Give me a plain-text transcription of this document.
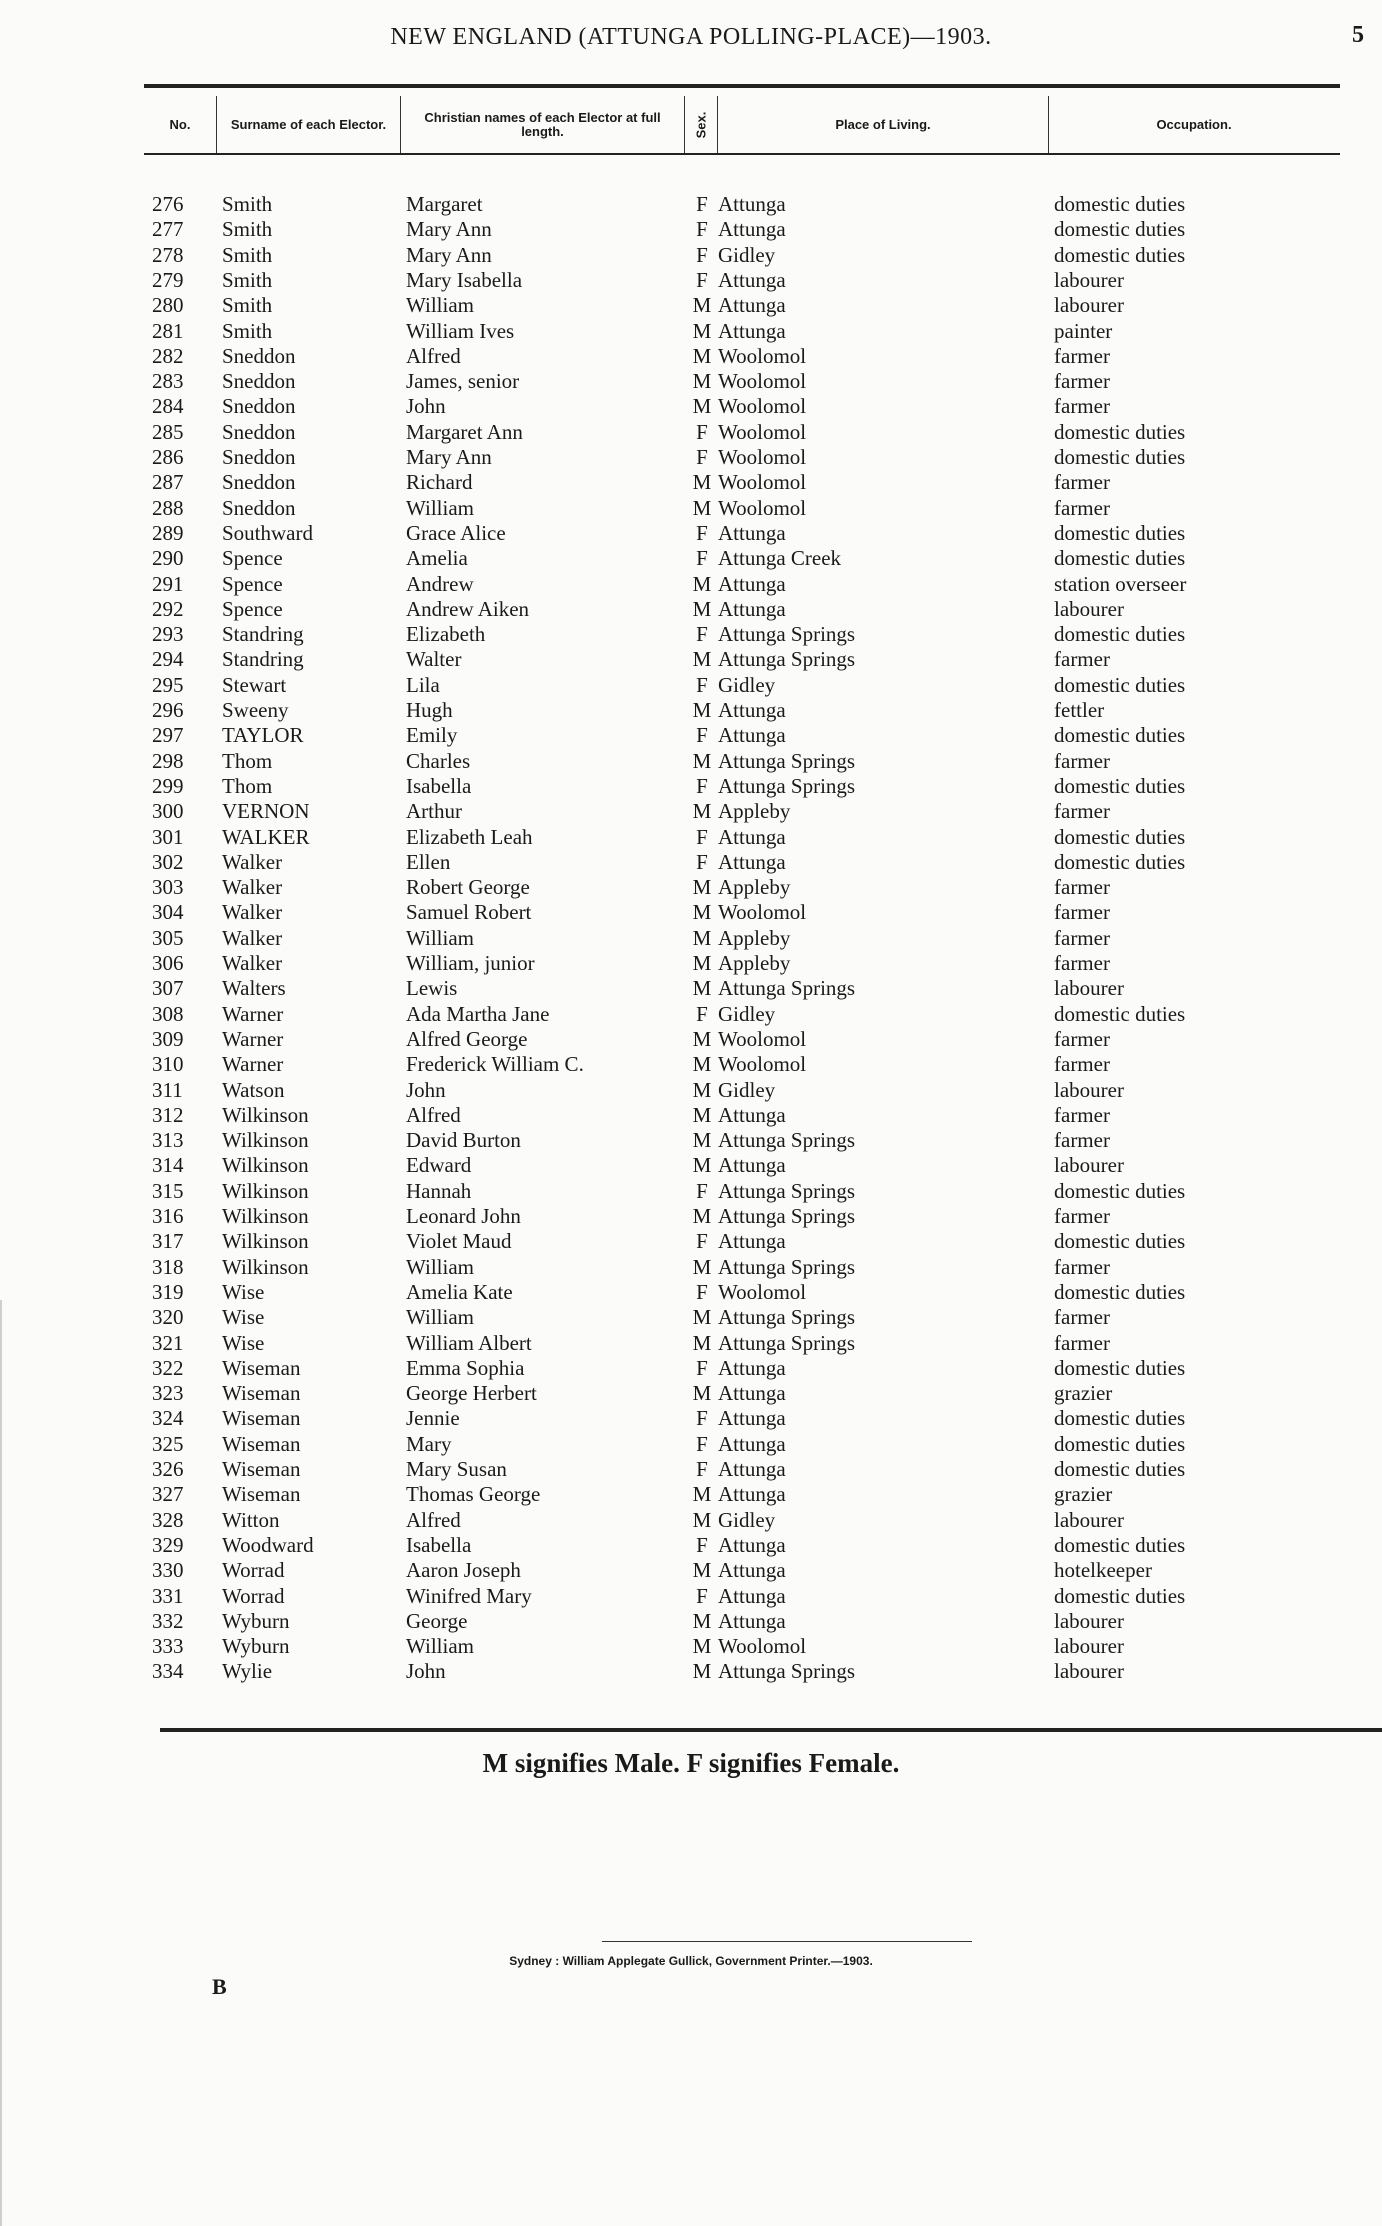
NEW ENGLAND (ATTUNGA POLLING-PLACE)—1903.	5
No.	Surname of each Elector.	Christian names of each Elector at full length.	Sex.	Place of Living.	Occupation.
276	Smith	Margaret	F Attunga	domestic duties
277	Smith	Mary Ann	F Attunga	domestic duties
278	Smith	Mary Ann	F Gidley	domestic duties
279	Smith	Mary Isabella	F Attunga	labourer
280	Smith	William	M Attunga	labourer
281	Smith	William Ives	M Attunga	painter
282	Sneddon	Alfred	M Woolomol	farmer
283	Sneddon	James, senior	M Woolomol	farmer
284	Sneddon	John	M Woolomol	farmer
285	Sneddon	Margaret Ann	F Woolomol	domestic duties
286	Sneddon	Mary Ann	F Woolomol	domestic duties
287	Sneddon	Richard	M Woolomol	farmer
288	Sneddon	William	M Woolomol	farmer
289	Southward	Grace Alice	F Attunga	domestic duties
290	Spence	Amelia	F Attunga Creek	domestic duties
291	Spence	Andrew	M Attunga	station overseer
292	Spence	Andrew Aiken	M Attunga	labourer
293	Standring	Elizabeth	F Attunga Springs	domestic duties
294	Standring	Walter	M Attunga Springs	farmer
295	Stewart	Lila	F Gidley	domestic duties
296	Sweeny	Hugh	M Attunga	fettler
297	TAYLOR	Emily	F Attunga	domestic duties
298	Thom	Charles	M Attunga Springs	farmer
299	Thom	Isabella	F Attunga Springs	domestic duties
300	VERNON	Arthur	M Appleby	farmer
301	WALKER	Elizabeth Leah	F Attunga	domestic duties
302	Walker	Ellen	F Attunga	domestic duties
303	Walker	Robert George	M Appleby	farmer
304	Walker	Samuel Robert	M Woolomol	farmer
305	Walker	William	M Appleby	farmer
306	Walker	William, junior	M Appleby	farmer
307	Walters	Lewis	M Attunga Springs	labourer
308	Warner	Ada Martha Jane	F Gidley	domestic duties
309	Warner	Alfred George	M Woolomol	farmer
310	Warner	Frederick William C.	M Woolomol	farmer
311	Watson	John	M Gidley	labourer
312	Wilkinson	Alfred	M Attunga	farmer
313	Wilkinson	David Burton	M Attunga Springs	farmer
314	Wilkinson	Edward	M Attunga	labourer
315	Wilkinson	Hannah	F Attunga Springs	domestic duties
316	Wilkinson	Leonard John	M Attunga Springs	farmer
317	Wilkinson	Violet Maud	F Attunga	domestic duties
318	Wilkinson	William	M Attunga Springs	farmer
319	Wise	Amelia Kate	F Woolomol	domestic duties
320	Wise	William	M Attunga Springs	farmer
321	Wise	William Albert	M Attunga Springs	farmer
322	Wiseman	Emma Sophia	F Attunga	domestic duties
323	Wiseman	George Herbert	M Attunga	grazier
324	Wiseman	Jennie	F Attunga	domestic duties
325	Wiseman	Mary	F Attunga	domestic duties
326	Wiseman	Mary Susan	F Attunga	domestic duties
327	Wiseman	Thomas George	M Attunga	grazier
328	Witton	Alfred	M Gidley	labourer
329	Woodward	Isabella	F Attunga	domestic duties
330	Worrad	Aaron Joseph	M Attunga	hotelkeeper
331	Worrad	Winifred Mary	F Attunga	domestic duties
332	Wyburn	George	M Attunga	labourer
333	Wyburn	William	M Woolomol	labourer
334	Wylie	John	M Attunga Springs	labourer
M signifies Male. F signifies Female.
Sydney : William Applegate Gullick, Government Printer.—1903.
B
